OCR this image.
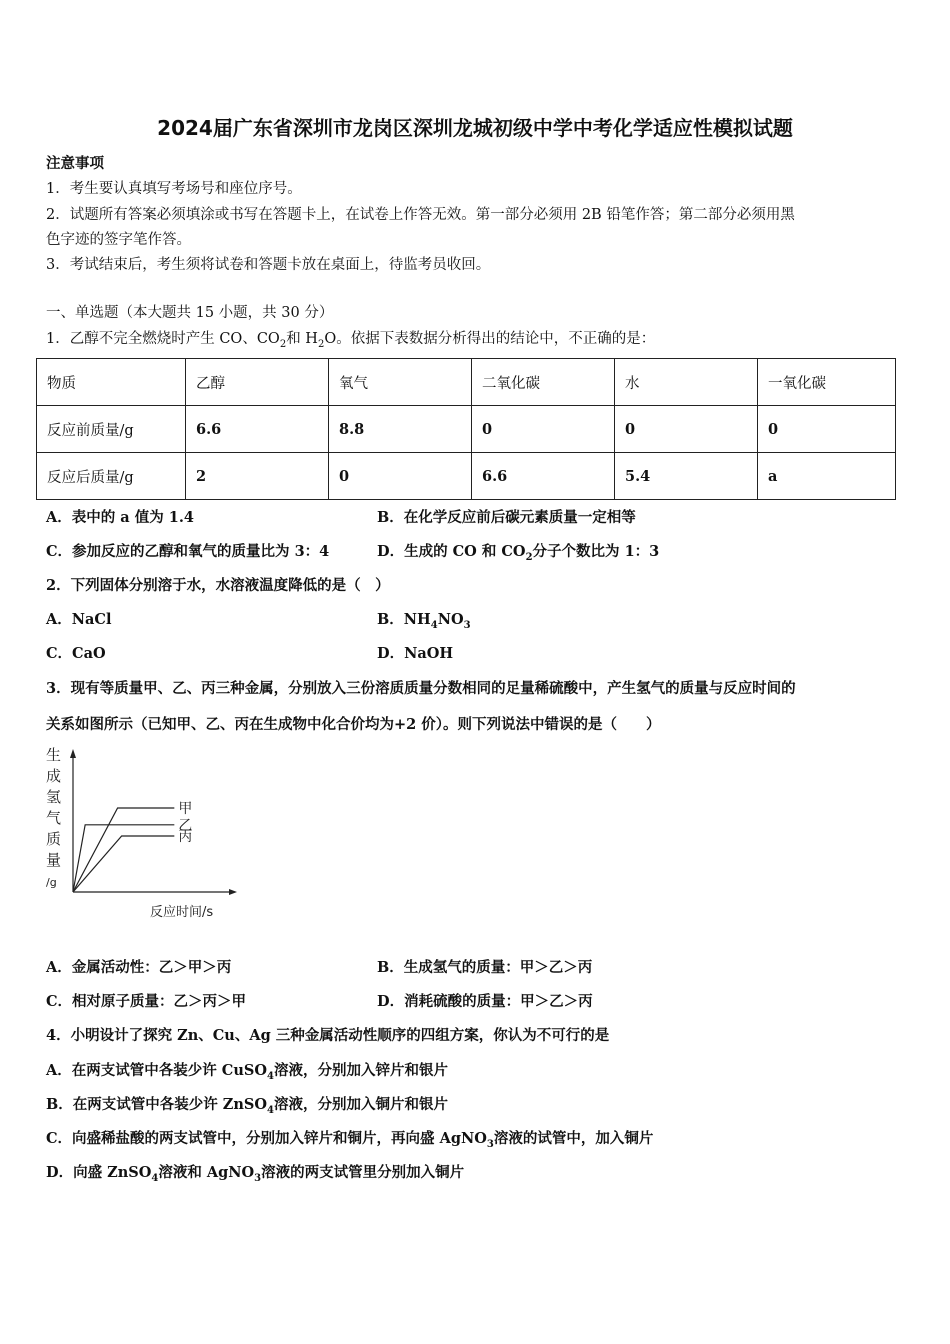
2024届广东省深圳市龙岗区深圳龙城初级中学中考化学适应性模拟试题
注意事项
1．考生要认真填写考场号和座位序号。
2．试题所有答案必须填涂或书写在答题卡上，在试卷上作答无效。第一部分必须用 2B 铅笔作答；第二部分必须用黑
色字迹的签字笔作答。
3．考试结束后，考生须将试卷和答题卡放在桌面上，待监考员收回。
一、单选题（本大题共 15 小题，共 30 分）
1．乙醇不完全燃烧时产生 CO、$CO_2$和 $H_2O$。依据下表数据分析得出的结论中，不正确的是：
物质	乙醇	氧气	二氧化碳	水	一氧化碳
反应前质量/g	6.6	8.8	0	0	0
反应后质量/g	2	0	6.6	5.4	a
A．表中的 a 值为 1.4	B．在化学反应前后碳元素质量一定相等
C．参加反应的乙醇和氧气的质量比为 3：4	D．生成的 CO 和 $CO_2$分子个数比为 1：3
2．下列固体分别溶于水，水溶液温度降低的是（　）
A．NaCl	B．$NH_4NO_3$
C．CaO	D．NaOH
3．现有等质量甲、乙、丙三种金属，分别放入三份溶质质量分数相同的足量稀硫酸中，产生氢气的质量与反应时间的
关系如图所示（已知甲、乙、丙在生成物中化合价均为+2 价）。则下列说法中错误的是（　　）
生
成
氢
气
质
量
/g
甲
乙
丙
反应时间/s
A．金属活动性：乙＞甲＞丙	B．生成氢气的质量：甲＞乙＞丙
C．相对原子质量：乙＞丙＞甲	D．消耗硫酸的质量：甲＞乙＞丙
4．小明设计了探究 Zn、Cu、Ag 三种金属活动性顺序的四组方案，你认为不可行的是
A．在两支试管中各装少许 CuSO$_4$溶液，分别加入锌片和银片
B．在两支试管中各装少许 ZnSO$_4$溶液，分别加入铜片和银片
C．向盛稀盐酸的两支试管中，分别加入锌片和铜片，再向盛 AgNO$_3$溶液的试管中，加入铜片
D．向盛 ZnSO$_4$溶液和 AgNO$_3$溶液的两支试管里分别加入铜片
